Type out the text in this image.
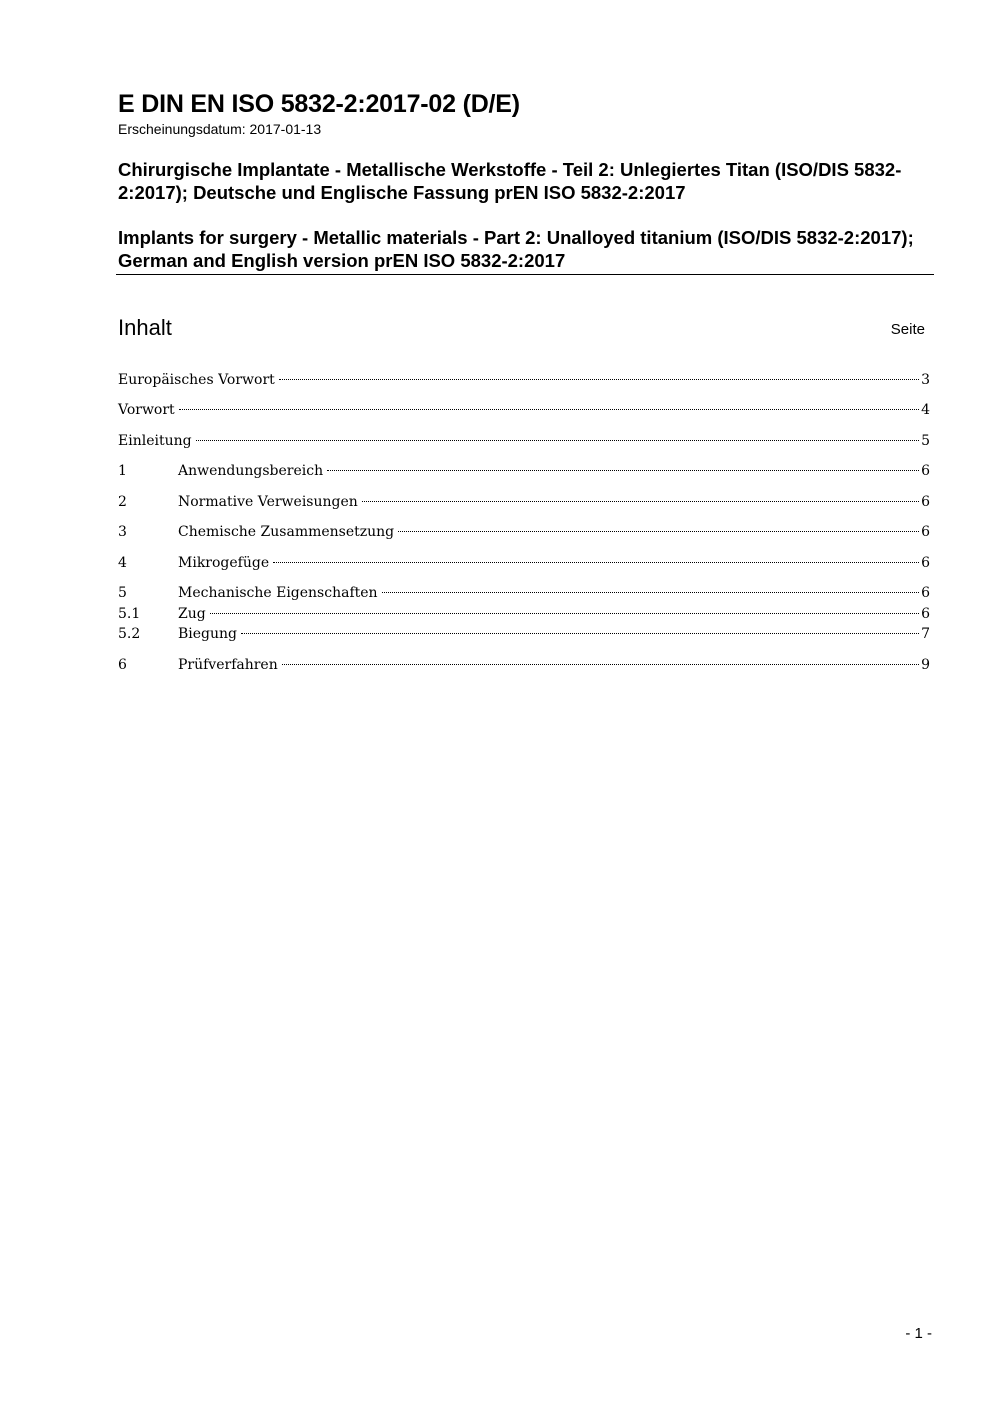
E DIN EN ISO 5832-2:2017-02 (D/E)

Erscheinungsdatum: 2017-01-13

Chirurgische Implantate - Metallische Werkstoffe - Teil 2: Unlegiertes Titan (ISO/DIS 5832-2:2017); Deutsche und Englische Fassung prEN ISO 5832-2:2017

Implants for surgery - Metallic materials - Part 2: Unalloyed titanium (ISO/DIS 5832-2:2017); German and English version prEN ISO 5832-2:2017

Inhalt	Seite
Europäisches Vorwort	3
Vorwort	4
Einleitung	5
1	Anwendungsbereich	6
2	Normative Verweisungen	6
3	Chemische Zusammensetzung	6
4	Mikrogefüge	6
5	Mechanische Eigenschaften	6
5.1	Zug	6
5.2	Biegung	7
6	Prüfverfahren	9
- 1 -
